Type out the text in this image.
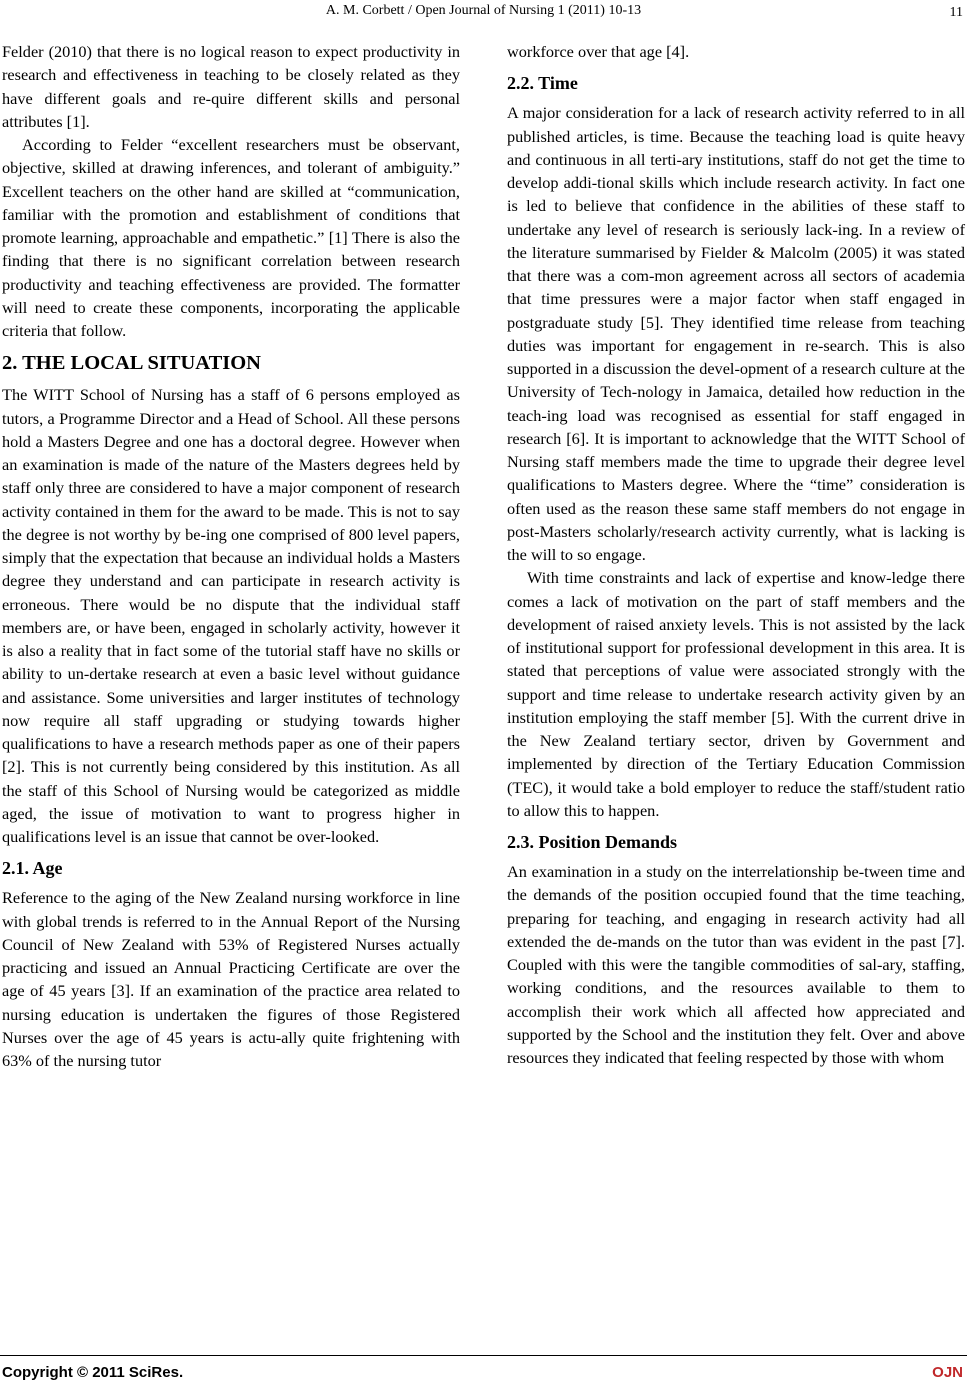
A. M. Corbett / Open Journal of Nursing 1 (2011) 10-13	11

Felder (2010) that there is no logical reason to expect productivity in research and effectiveness in teaching to be closely related as they have different goals and re-quire different skills and personal attributes [1].

According to Felder “excellent researchers must be observant, objective, skilled at drawing inferences, and tolerant of ambiguity.” Excellent teachers on the other hand are skilled at “communication, familiar with the promotion and establishment of conditions that promote learning, approachable and empathetic.” [1] There is also the finding that there is no significant correlation between research productivity and teaching effectiveness are provided. The formatter will need to create these components, incorporating the applicable criteria that follow.

2. THE LOCAL SITUATION

The WITT School of Nursing has a staff of 6 persons employed as tutors, a Programme Director and a Head of School. All these persons hold a Masters Degree and one has a doctoral degree. However when an examination is made of the nature of the Masters degrees held by staff only three are considered to have a major component of research activity contained in them for the award to be made. This is not to say the degree is not worthy by be-ing one comprised of 800 level papers, simply that the expectation that because an individual holds a Masters degree they understand and can participate in research activity is erroneous. There would be no dispute that the individual staff members are, or have been, engaged in scholarly activity, however it is also a reality that in fact some of the tutorial staff have no skills or ability to un-dertake research at even a basic level without guidance and assistance. Some universities and larger institutes of technology now require all staff upgrading or studying towards higher qualifications to have a research methods paper as one of their papers [2]. This is not currently being considered by this institution. As all the staff of this School of Nursing would be categorized as middle aged, the issue of motivation to want to progress higher in qualifications level is an issue that cannot be over-looked.

2.1. Age

Reference to the aging of the New Zealand nursing workforce in line with global trends is referred to in the Annual Report of the Nursing Council of New Zealand with 53% of Registered Nurses actually practicing and issued an Annual Practicing Certificate are over the age of 45 years [3]. If an examination of the practice area related to nursing education is undertaken the figures of those Registered Nurses over the age of 45 years is actu-ally quite frightening with 63% of the nursing tutor

workforce over that age [4].

2.2. Time

A major consideration for a lack of research activity referred to in all published articles, is time. Because the teaching load is quite heavy and continuous in all terti-ary institutions, staff do not get the time to develop addi-tional skills which include research activity. In fact one is led to believe that confidence in the abilities of these staff to undertake any level of research is seriously lack-ing. In a review of the literature summarised by Fielder & Malcolm (2005) it was stated that there was a com-mon agreement across all sectors of academia that time pressures were a major factor when staff engaged in postgraduate study [5]. They identified time release from teaching duties was important for engagement in re-search. This is also supported in a discussion the devel-opment of a research culture at the University of Tech-nology in Jamaica, detailed how reduction in the teach-ing load was recognised as essential for staff engaged in research [6]. It is important to acknowledge that the WITT School of Nursing staff members made the time to upgrade their degree level qualifications to Masters degree. Where the “time” consideration is often used as the reason these same staff members do not engage in post-Masters scholarly/research activity currently, what is lacking is the will to so engage.

With time constraints and lack of expertise and know-ledge there comes a lack of motivation on the part of staff members and the development of raised anxiety levels. This is not assisted by the lack of institutional support for professional development in this area. It is stated that perceptions of value were associated strongly with the support and time release to undertake research activity given by an institution employing the staff member [5]. With the current drive in the New Zealand tertiary sector, driven by Government and implemented by direction of the Tertiary Education Commission (TEC), it would take a bold employer to reduce the staff/student ratio to allow this to happen.

2.3. Position Demands

An examination in a study on the interrelationship be-tween time and the demands of the position occupied found that the time teaching, preparing for teaching, and engaging in research activity had all extended the de-mands on the tutor than was evident in the past [7]. Coupled with this were the tangible commodities of sal-ary, staffing, working conditions, and the resources available to them to accomplish their work which all affected how appreciated and supported by the School and the institution they felt. Over and above resources they indicated that feeling respected by those with whom

Copyright © 2011 SciRes.	OJN
